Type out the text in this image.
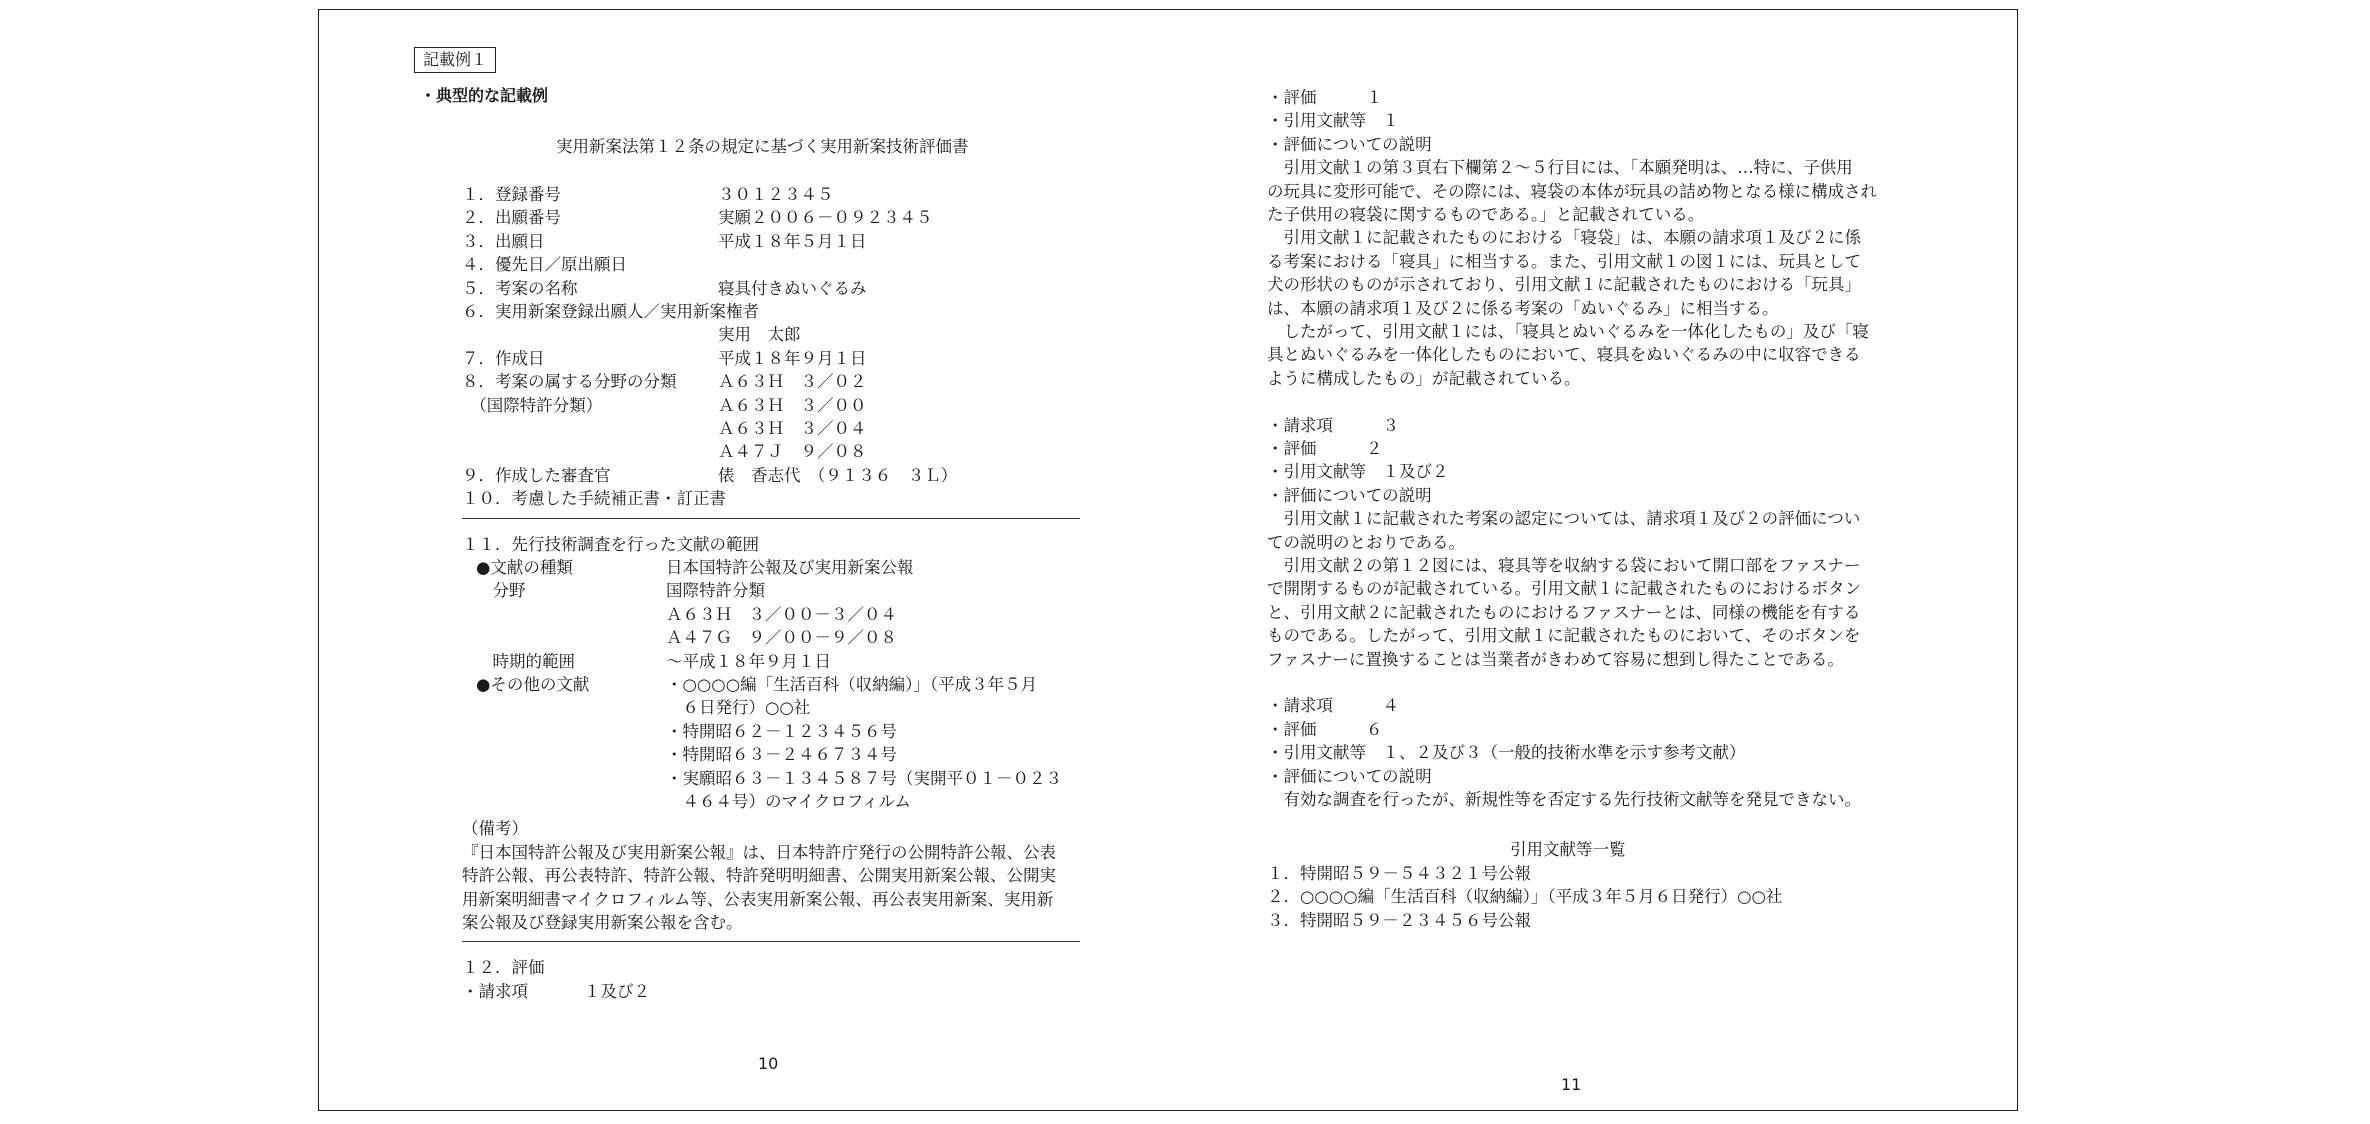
記載例１
・典型的な記載例
実用新案法第１２条の規定に基づく実用新案技術評価書
１．登録番号	３０１２３４５
２．出願番号	実願２００６－０９２３４５
３．出願日	平成１８年５月１日
４．優先日／原出願日
５．考案の名称	寝具付きぬいぐるみ
６．実用新案登録出願人／実用新案権者
実用　太郎
７．作成日	平成１８年９月１日
８．考案の属する分野の分類	Ａ６３Ｈ　３／０２
　（国際特許分類）	Ａ６３Ｈ　３／００
Ａ６３Ｈ　３／０４
Ａ４７Ｊ　９／０８
９．作成した審査官	俵　香志代　（９１３６　３Ｌ）
１０．考慮した手続補正書・訂正書
１１．先行技術調査を行った文献の範囲
●文献の種類	日本国特許公報及び実用新案公報
　分野	国際特許分類
Ａ６３Ｈ　３／００－３／０４
Ａ４７Ｇ　９／００－９／０８
　時期的範囲	～平成１８年９月１日
●その他の文献	・○○○○編「生活百科（収納編）」（平成３年５月
　６日発行）○○社
・特開昭６２－１２３４５６号
・特開昭６３－２４６７３４号
・実願昭６３－１３４５８７号（実開平０１－０２３
　４６４号）のマイクロフィルム
（備考）
『日本国特許公報及び実用新案公報』は、日本特許庁発行の公開特許公報、公表
特許公報、再公表特許、特許公報、特許発明明細書、公開実用新案公報、公開実
用新案明細書マイクロフィルム等、公表実用新案公報、再公表実用新案、実用新
案公報及び登録実用新案公報を含む。
１２．評価
・請求項	１及び２
10
・評価　　　１
・引用文献等　１
・評価についての説明
　引用文献１の第３頁右下欄第２～５行目には、「本願発明は、…特に、子供用
の玩具に変形可能で、その際には、寝袋の本体が玩具の詰め物となる様に構成され
た子供用の寝袋に関するものである。」と記載されている。
　引用文献１に記載されたものにおける「寝袋」は、本願の請求項１及び２に係
る考案における「寝具」に相当する。また、引用文献１の図１には、玩具として
犬の形状のものが示されており、引用文献１に記載されたものにおける「玩具」
は、本願の請求項１及び２に係る考案の「ぬいぐるみ」に相当する。
　したがって、引用文献１には、「寝具とぬいぐるみを一体化したもの」及び「寝
具とぬいぐるみを一体化したものにおいて、寝具をぬいぐるみの中に収容できる
ように構成したもの」が記載されている。
・請求項　　　３
・評価　　　２
・引用文献等　１及び２
・評価についての説明
　引用文献１に記載された考案の認定については、請求項１及び２の評価につい
ての説明のとおりである。
　引用文献２の第１２図には、寝具等を収納する袋において開口部をファスナー
で開閉するものが記載されている。引用文献１に記載されたものにおけるボタン
と、引用文献２に記載されたものにおけるファスナーとは、同様の機能を有する
ものである。したがって、引用文献１に記載されたものにおいて、そのボタンを
ファスナーに置換することは当業者がきわめて容易に想到し得たことである。
・請求項　　　４
・評価　　　６
・引用文献等　１、２及び３（一般的技術水準を示す参考文献）
・評価についての説明
　有効な調査を行ったが、新規性等を否定する先行技術文献等を発見できない。
引用文献等一覧
１．特開昭５９－５４３２１号公報
２．○○○○編「生活百科（収納編）」（平成３年５月６日発行）○○社
３．特開昭５９－２３４５６号公報
11
